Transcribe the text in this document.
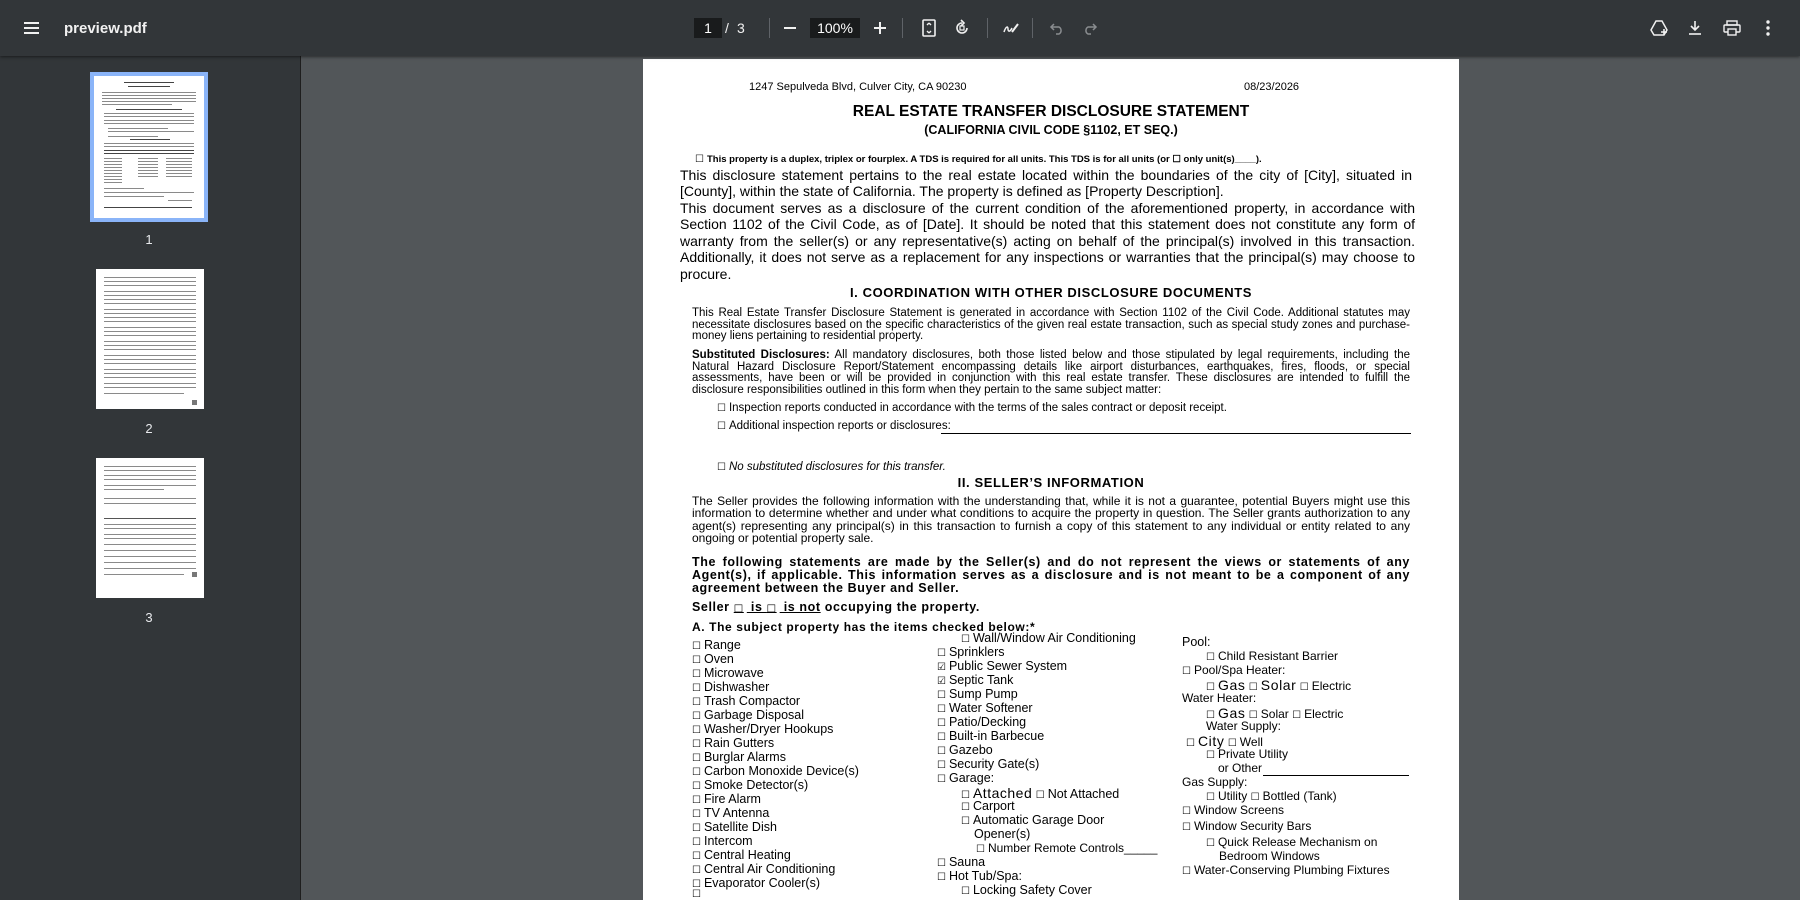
preview.pdf
1	/ 3
100%
1
2
3
1247 Sepulveda Blvd, Culver City, CA 90230	08/23/2026
REAL ESTATE TRANSFER DISCLOSURE STATEMENT
(CALIFORNIA CIVIL CODE §1102, ET SEQ.)
☐ This property is a duplex, triplex or fourplex. A TDS is required for all units. This TDS is for all units (or ☐ only unit(s)____).
This disclosure statement pertains to the real estate located within the boundaries of the city of [City], situated in [County], within the state of California. The property is defined as [Property Description].
This document serves as a disclosure of the current condition of the aforementioned property, in accordance with Section 1102 of the Civil Code, as of [Date]. It should be noted that this statement does not constitute any form of warranty from the seller(s) or any representative(s) acting on behalf of the principal(s) involved in this transaction. Additionally, it does not serve as a replacement for any inspections or warranties that the principal(s) may choose to procure.
I. COORDINATION WITH OTHER DISCLOSURE DOCUMENTS
This Real Estate Transfer Disclosure Statement is generated in accordance with Section 1102 of the Civil Code. Additional statutes may necessitate disclosures based on the specific characteristics of the given real estate transaction, such as special study zones and purchase-money liens pertaining to residential property.
Substituted Disclosures: All mandatory disclosures, both those listed below and those stipulated by legal requirements, including the Natural Hazard Disclosure Report/Statement encompassing details like airport disturbances, earthquakes, fires, floods, or special assessments, have been or will be provided in conjunction with this real estate transfer. These disclosures are intended to fulfill the disclosure responsibilities outlined in this form when they pertain to the same subject matter:
☐ Inspection reports conducted in accordance with the terms of the sales contract or deposit receipt.
☐ Additional inspection reports or disclosures:
☐ No substituted disclosures for this transfer.
II. SELLER’S INFORMATION
The Seller provides the following information with the understanding that, while it is not a guarantee, potential Buyers might use this information to determine whether and under what conditions to acquire the property in question. The Seller grants authorization to any agent(s) representing any principal(s) in this transaction to furnish a copy of this statement to any individual or entity related to any ongoing or potential property sale.
The following statements are made by the Seller(s) and do not represent the views or statements of any Agent(s), if applicable. This information serves as a disclosure and is not meant to be a component of any agreement between the Buyer and Seller.
Seller □ is □ is not occupying the property.
A. The subject property has the items checked below:*
☐ Range
☐ Oven
☐ Microwave
☐ Dishwasher
☐ Trash Compactor
☐ Garbage Disposal
☐ Washer/Dryer Hookups
☐ Rain Gutters
☐ Burglar Alarms
☐ Carbon Monoxide Device(s)
☐ Smoke Detector(s)
☐ Fire Alarm
☐ TV Antenna
☐ Satellite Dish
☐ Intercom
☐ Central Heating
☐ Central Air Conditioning
☐ Evaporator Cooler(s)
☐
☐ Wall/Window Air Conditioning
☐ Sprinklers
☑ Public Sewer System
☑ Septic Tank
☐ Sump Pump
☐ Water Softener
☐ Patio/Decking
☐ Built-in Barbecue
☐ Gazebo
☐ Security Gate(s)
☐ Garage:
☐ Attached ☐ Not Attached
☐ Carport
☐ Automatic Garage Door
Opener(s)
☐ Number Remote Controls_____
☐ Sauna
☐ Hot Tub/Spa:
☐ Locking Safety Cover
Pool:
☐ Child Resistant Barrier
☐ Pool/Spa Heater:
☐ Gas ☐ Solar ☐ Electric
Water Heater:
☐ Gas ☐ Solar ☐ Electric
Water Supply:
☐ City ☐ Well
☐ Private Utility
or Other
Gas Supply:
☐ Utility ☐ Bottled (Tank)
☐ Window Screens
☐ Window Security Bars
☐ Quick Release Mechanism on
Bedroom Windows
☐ Water-Conserving Plumbing Fixtures
